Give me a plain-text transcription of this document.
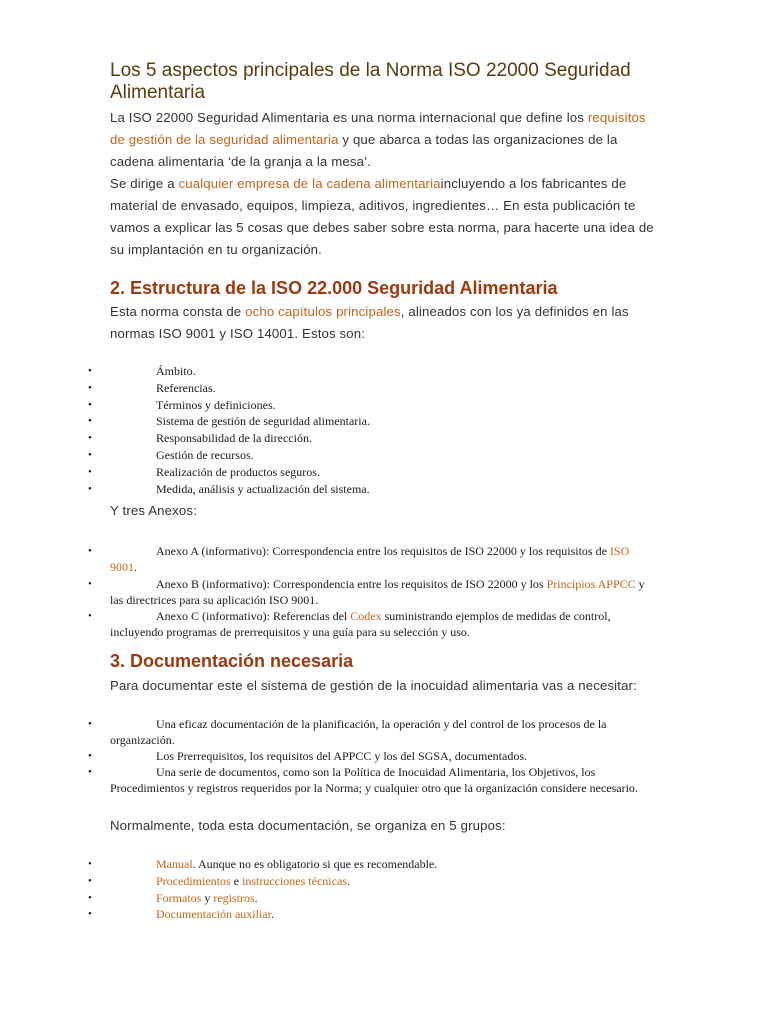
Los 5 aspectos principales de la Norma ISO 22000 Seguridad Alimentaria

La ISO 22000 Seguridad Alimentaria es una norma internacional que define los requisitos de gestión de la seguridad alimentaria y que abarca a todas las organizaciones de la cadena alimentaria ‘de la granja a la mesa’.

Se dirige a cualquier empresa de la cadena alimentariaincluyendo a los fabricantes de material de envasado, equipos, limpieza, aditivos, ingredientes… En esta publicación te vamos a explicar las 5 cosas que debes saber sobre esta norma, para hacerte una idea de su implantación en tu organización.

2. Estructura de la ISO 22.000 Seguridad Alimentaria

Esta norma consta de ocho capítulos principales, alineados con los ya definidos en las normas ISO 9001 y ISO 14001. Estos son:

•	Ámbito.
•	Referencias.
•	Términos y definiciones.
•	Sistema de gestión de seguridad alimentaria.
•	Responsabilidad de la dirección.
•	Gestión de recursos.
•	Realización de productos seguros.
•	Medida, análisis y actualización del sistema.

Y tres Anexos:

•	Anexo A (informativo): Correspondencia entre los requisitos de ISO 22000 y los requisitos de ISO 9001.
•	Anexo B (informativo): Correspondencia entre los requisitos de ISO 22000 y los Principios APPCC y las directrices para su aplicación ISO 9001.
•	Anexo C (informativo): Referencias del Codex suministrando ejemplos de medidas de control, incluyendo programas de prerrequisitos y una guía para su selección y uso.
3. Documentación necesaria

Para documentar este el sistema de gestión de la inocuidad alimentaria vas a necesitar:

•	Una eficaz documentación de la planificación, la operación y del control de los procesos de la organización.
•	Los Prerrequisitos, los requisitos del APPCC y los del SGSA, documentados.
•	Una serie de documentos, como son la Política de Inocuidad Alimentaria, los Objetivos, los Procedimientos y registros requeridos por la Norma; y cualquier otro que la organización considere necesario.

Normalmente, toda esta documentación, se organiza en 5 grupos:

•	Manual. Aunque no es obligatorio si que es recomendable.
•	Procedimientos e instrucciones técnicas.
•	Formatos y registros.
•	Documentación auxiliar.
